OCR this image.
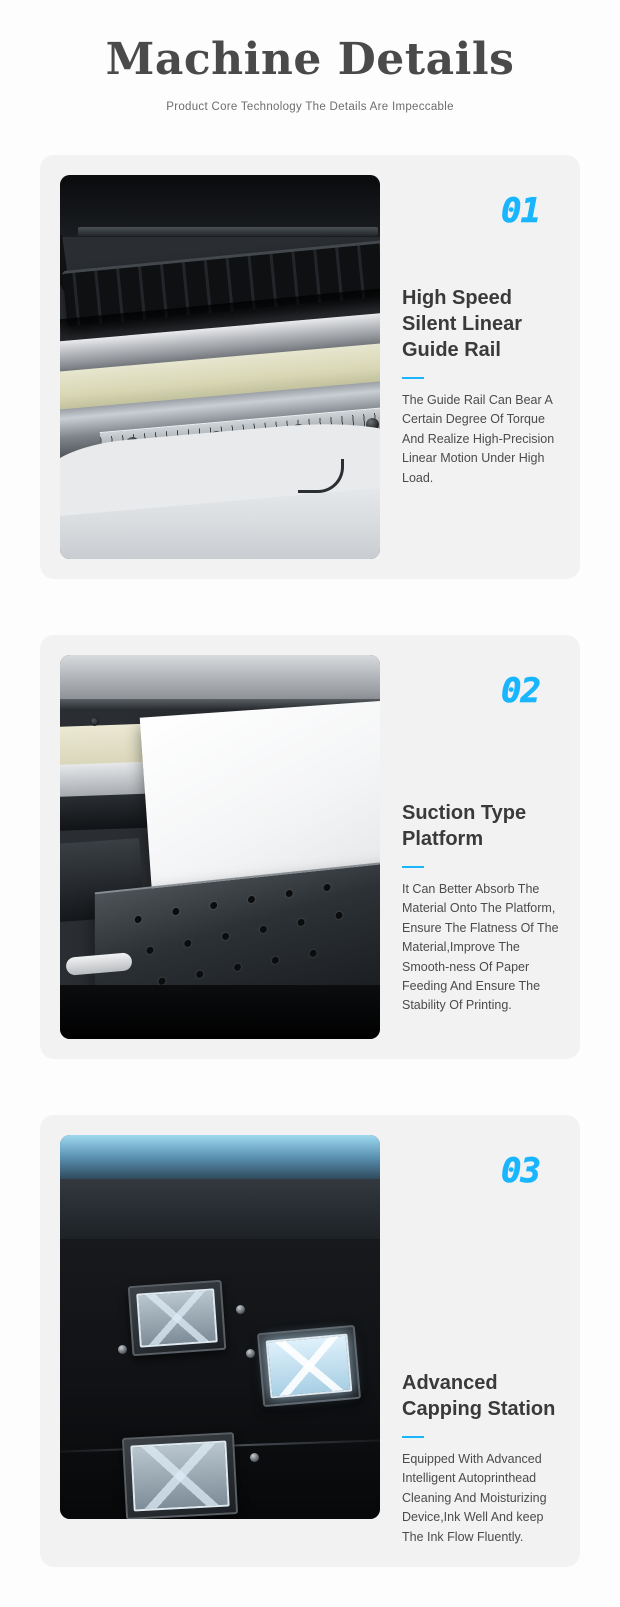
Machine Details
Product Core Technology The Details Are Impeccable
01
High Speed Silent Linear Guide Rail
The Guide Rail Can Bear A Certain Degree Of Torque And Realize High-Precision Linear Motion Under High Load.
02
Suction Type Platform
It Can Better Absorb The Material Onto The Platform, Ensure The Flatness Of The Material,Improve The Smooth-ness Of Paper Feeding And Ensure The Stability Of Printing.
03
Advanced Capping Station
Equipped With Advanced Intelligent Autoprinthead Cleaning And Moisturizing Device,Ink Well And keep The Ink Flow Fluently.
